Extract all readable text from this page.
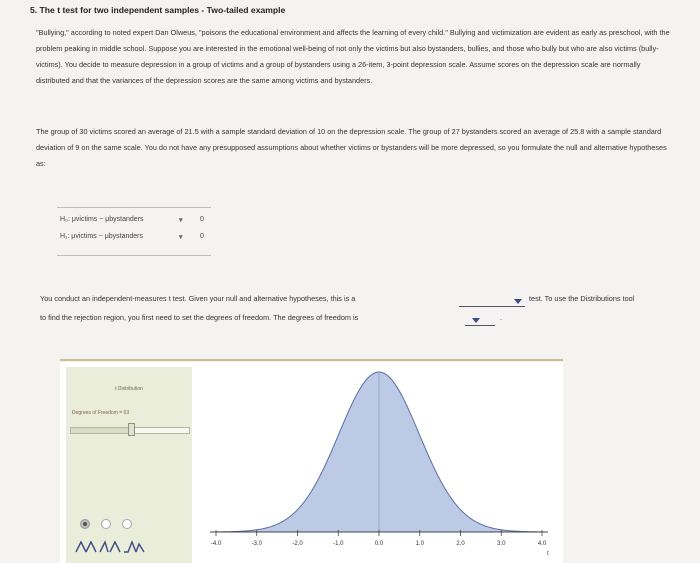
5. The t test for two independent samples - Two-tailed example
"Bullying," according to noted expert Dan Olweus, "poisons the educational environment and affects the learning of every child." Bullying and victimization are evident as early as preschool, with the problem peaking in middle school. Suppose you are interested in the emotional well-being of not only the victims but also bystanders, bullies, and those who bully but who are also victims (bully-victims). You decide to measure depression in a group of victims and a group of bystanders using a 26-item, 3-point depression scale. Assume scores on the depression scale are normally distributed and that the variances of the depression scores are the same among victims and bystanders.
The group of 30 victims scored an average of 21.5 with a sample standard deviation of 10 on the depression scale. The group of 27 bystanders scored an average of 25.8 with a sample standard deviation of 9 on the same scale. You do not have any presupposed assumptions about whether victims or bystanders will be more depressed, so you formulate the null and alternative hypotheses as:
H₀: μvictims − μbystanders	▾ 0
H₁: μvictims − μbystanders	▾ 0
You conduct an independent-measures t test. Given your null and alternative hypotheses, this is a	test. To use the Distributions tool
to find the rejection region, you first need to set the degrees of freedom. The degrees of freedom is	.
t Distribution
Degrees of Freedom = 63
-4.0	-3.0	-2.0	-1.0	0.0	1.0	2.0	3.0	4.0
t
